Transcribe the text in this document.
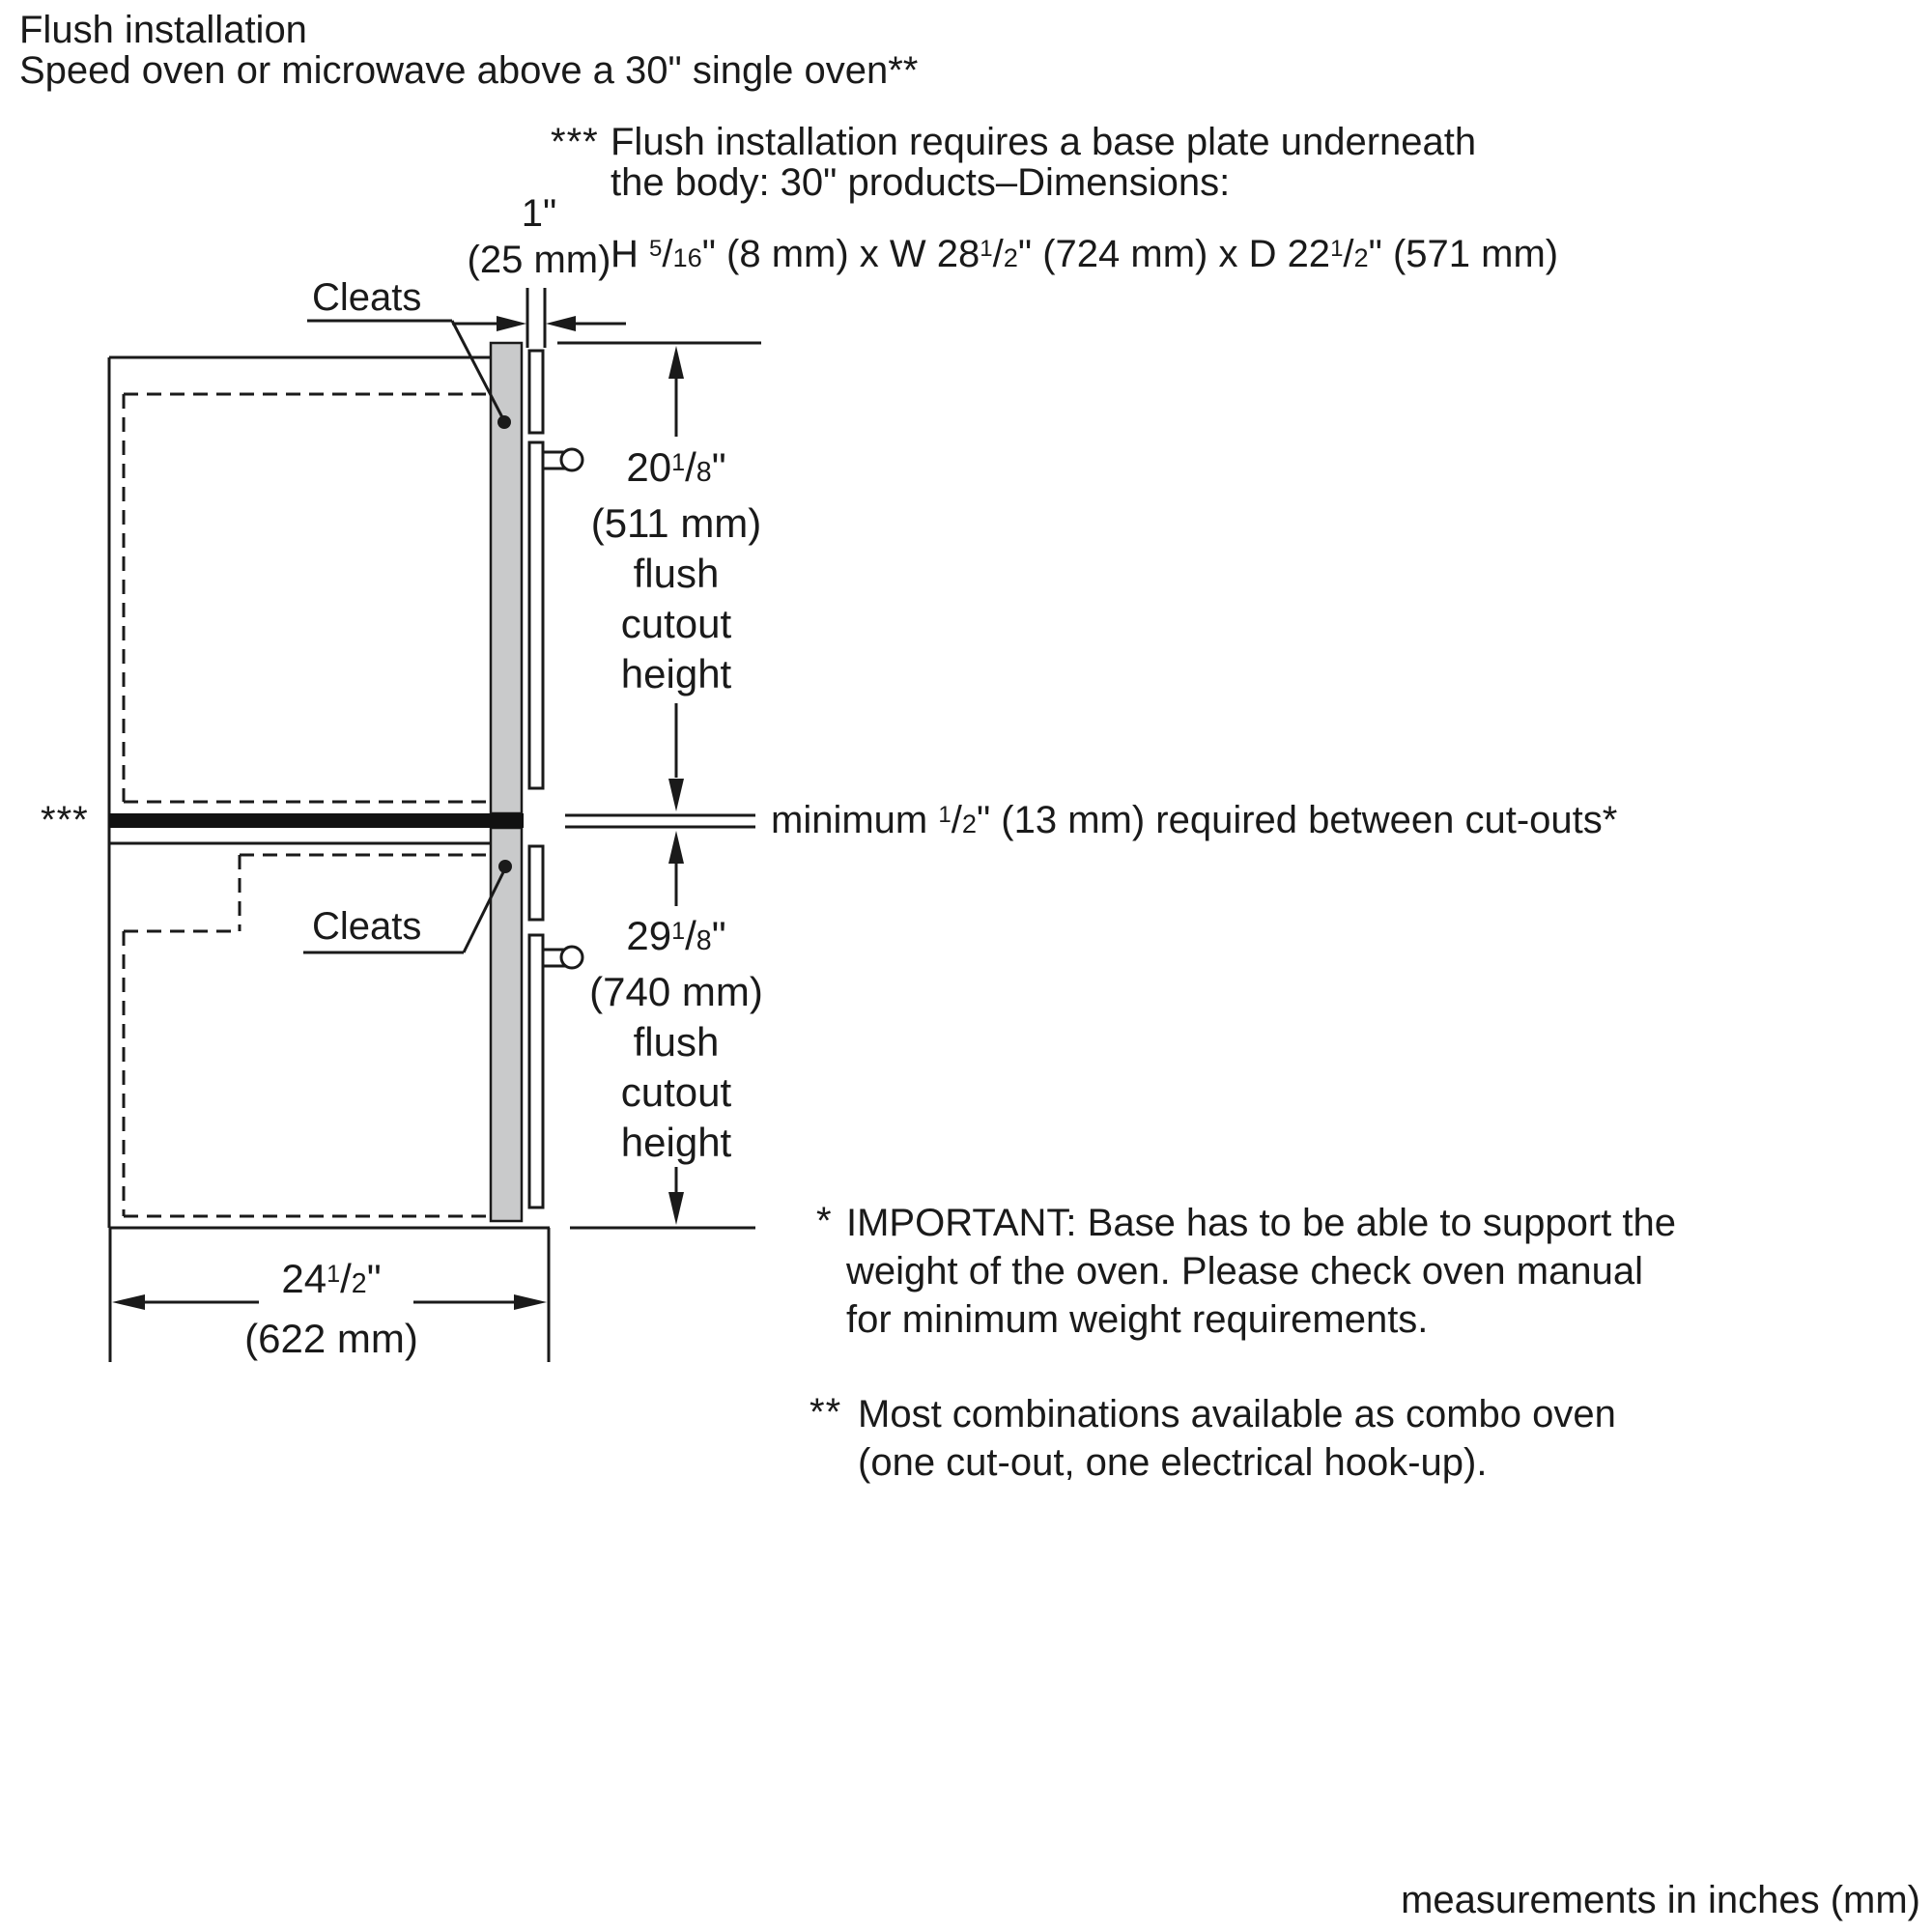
Flush installation
Speed oven or microwave above a 30" single oven**
*** Flush installation requires a base plate underneath
the body: 30" products–Dimensions:
H $^5$/16" (8 mm) x W $28^1/2$" (724 mm) x D $22^1/2$" (571 mm)
1"
(25 mm)
Cleats
Cleats
$20^1/8$"
(511 mm)
flush
cutout
height
minimum $^1$/2" (13 mm) required between cut-outs*
***
$29^1/8$"
(740 mm)
flush
cutout
height
$24^1/2$"
(622 mm)
* IMPORTANT: Base has to be able to support the
weight of the oven. Please check oven manual
for minimum weight requirements.
** Most combinations available as combo oven
(one cut-out, one electrical hook-up).
measurements in inches (mm)
